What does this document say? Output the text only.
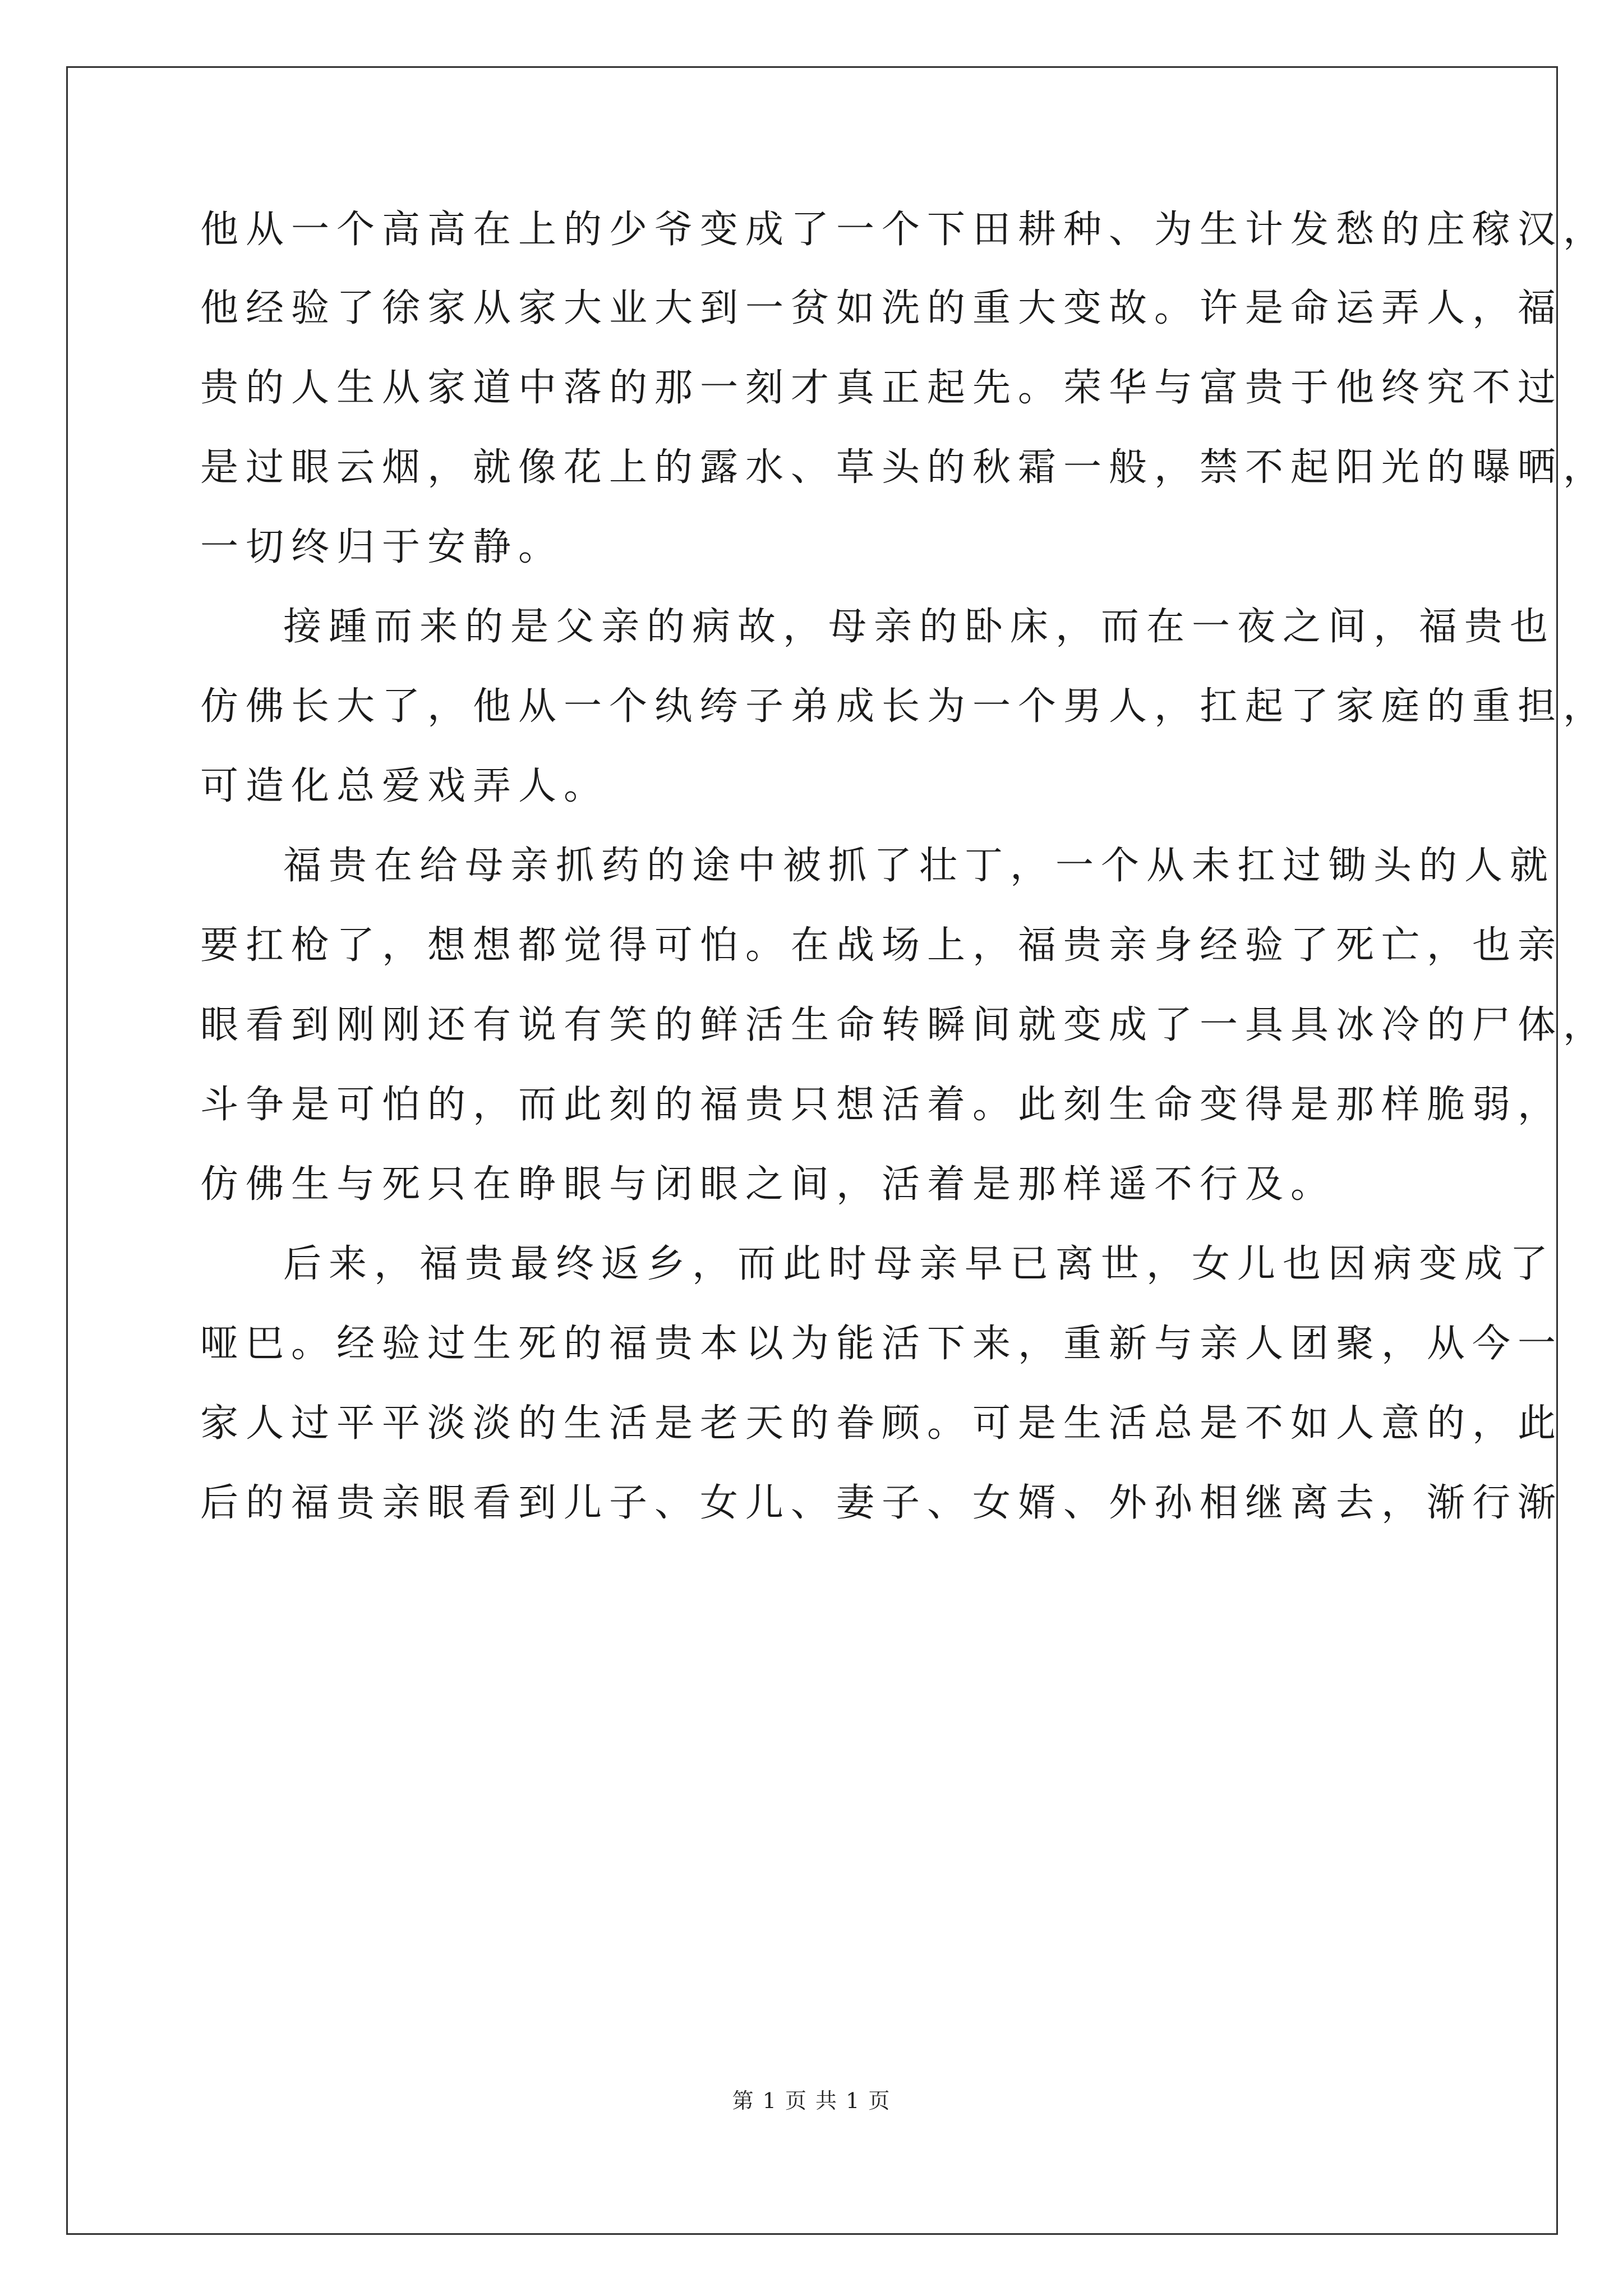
他从一个高高在上的少爷变成了一个下田耕种、为生计发愁的庄稼汉，
他经验了徐家从家大业大到一贫如洗的重大变故。许是命运弄人，福
贵的人生从家道中落的那一刻才真正起先。荣华与富贵于他终究不过
是过眼云烟，就像花上的露水、草头的秋霜一般，禁不起阳光的曝晒，
一切终归于安静。
接踵而来的是父亲的病故，母亲的卧床，而在一夜之间，福贵也
仿佛长大了，他从一个纨绔子弟成长为一个男人，扛起了家庭的重担，
可造化总爱戏弄人。
福贵在给母亲抓药的途中被抓了壮丁，一个从未扛过锄头的人就
要扛枪了，想想都觉得可怕。在战场上，福贵亲身经验了死亡，也亲
眼看到刚刚还有说有笑的鲜活生命转瞬间就变成了一具具冰冷的尸体，
斗争是可怕的，而此刻的福贵只想活着。此刻生命变得是那样脆弱，
仿佛生与死只在睁眼与闭眼之间，活着是那样遥不行及。
后来，福贵最终返乡，而此时母亲早已离世，女儿也因病变成了
哑巴。经验过生死的福贵本以为能活下来，重新与亲人团聚，从今一
家人过平平淡淡的生活是老天的眷顾。可是生活总是不如人意的，此
后的福贵亲眼看到儿子、女儿、妻子、女婿、外孙相继离去，渐行渐
第 1 页 共 1 页
